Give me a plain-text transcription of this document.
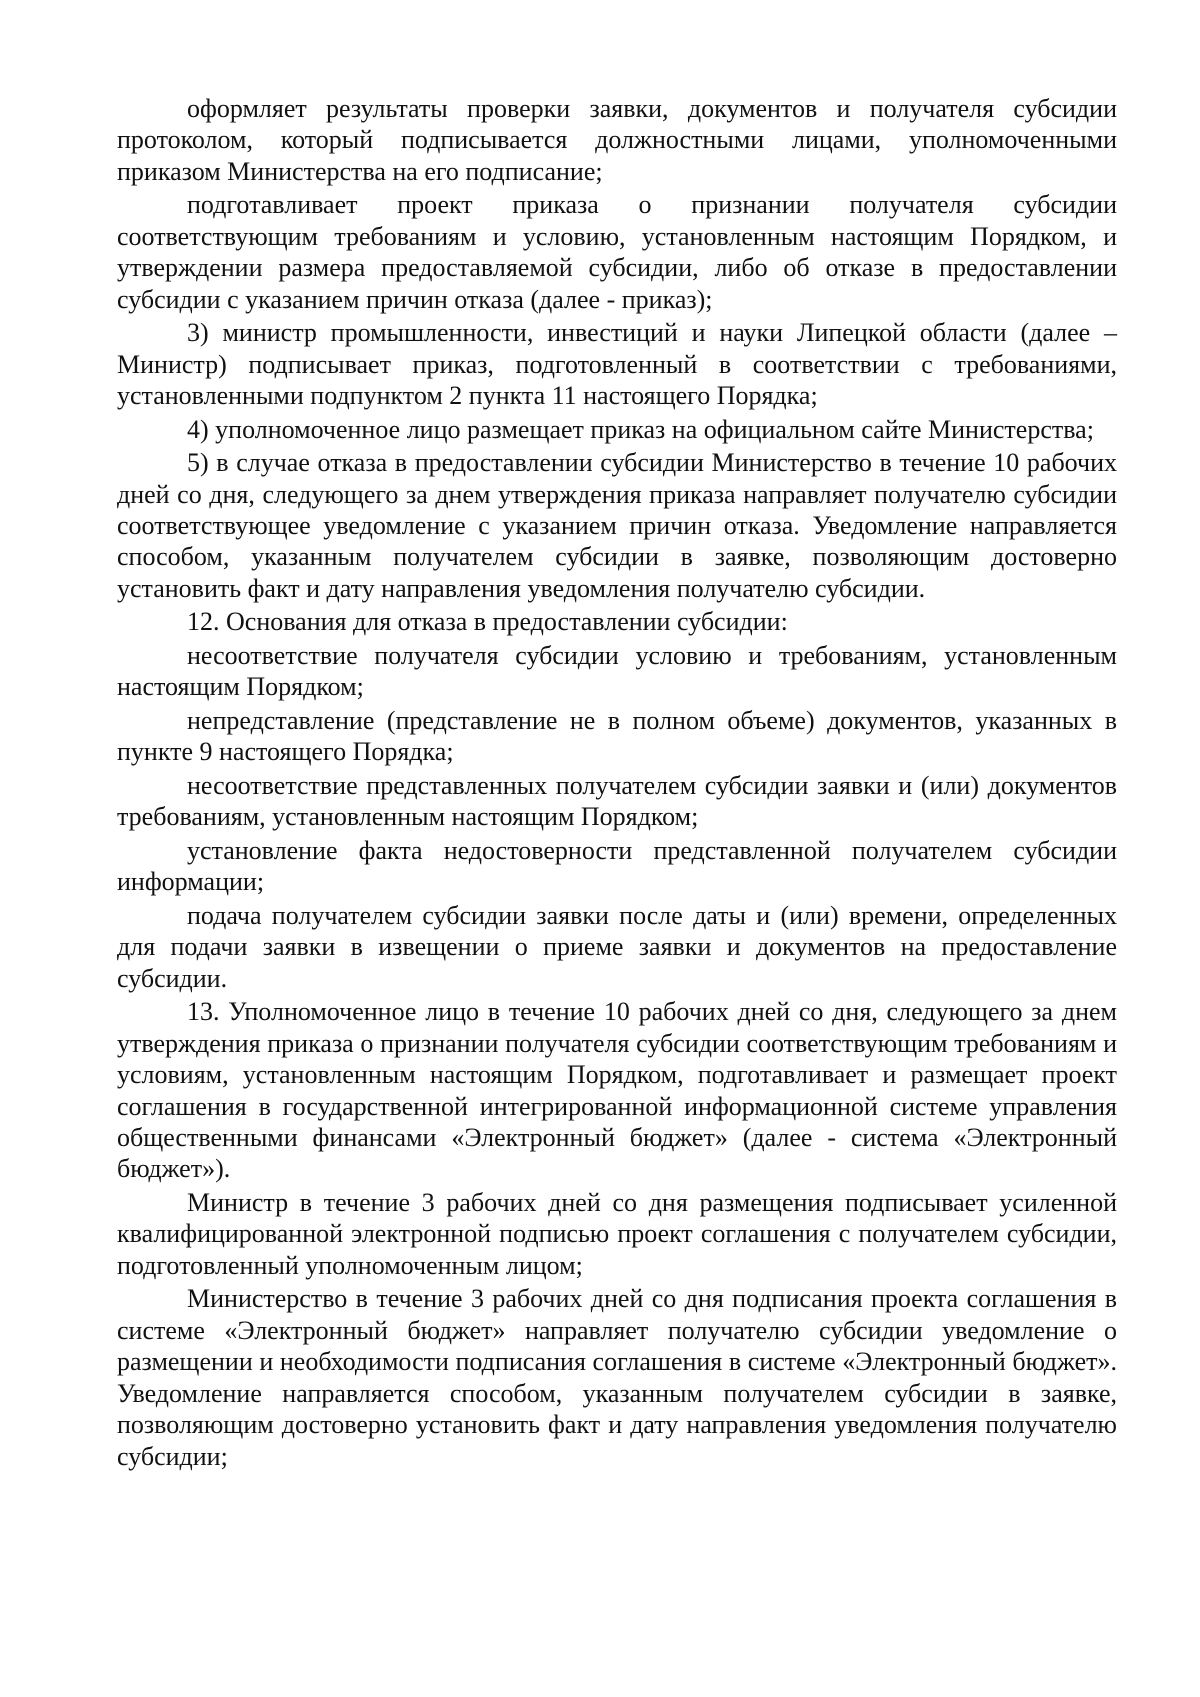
оформляет результаты проверки заявки, документов и получателя субсидии протоколом, который подписывается должностными лицами, уполномоченными приказом Министерства на его подписание;

подготавливает проект приказа о признании получателя субсидии соответствующим требованиям и условию, установленным настоящим Порядком, и утверждении размера предоставляемой субсидии, либо об отказе в предоставлении субсидии с указанием причин отказа (далее - приказ);

3) министр промышленности, инвестиций и науки Липецкой области (далее – Министр) подписывает приказ, подготовленный в соответствии с требованиями, установленными подпунктом 2 пункта 11 настоящего Порядка;

4) уполномоченное лицо размещает приказ на официальном сайте Министерства;

5) в случае отказа в предоставлении субсидии Министерство в течение 10 рабочих дней со дня, следующего за днем утверждения приказа направляет получателю субсидии соответствующее уведомление с указанием причин отказа. Уведомление направляется способом, указанным получателем субсидии в заявке, позволяющим достоверно установить факт и дату направления уведомления получателю субсидии.

12. Основания для отказа в предоставлении субсидии:

несоответствие получателя субсидии условию и требованиям, установленным настоящим Порядком;

непредставление (представление не в полном объеме) документов, указанных в пункте 9 настоящего Порядка;

несоответствие представленных получателем субсидии заявки и (или) документов требованиям, установленным настоящим Порядком;

установление факта недостоверности представленной получателем субсидии информации;

подача получателем субсидии заявки после даты и (или) времени, определенных для подачи заявки в извещении о приеме заявки и документов на предоставление субсидии.

13. Уполномоченное лицо в течение 10 рабочих дней со дня, следующего за днем утверждения приказа о признании получателя субсидии соответствующим требованиям и условиям, установленным настоящим Порядком, подготавливает и размещает проект соглашения в государственной интегрированной информационной системе управления общественными финансами «Электронный бюджет» (далее - система «Электронный бюджет»).

Министр в течение 3 рабочих дней со дня размещения подписывает усиленной квалифицированной электронной подписью проект соглашения с получателем субсидии, подготовленный уполномоченным лицом;

Министерство в течение 3 рабочих дней со дня подписания проекта соглашения в системе «Электронный бюджет» направляет получателю субсидии уведомление о размещении и необходимости подписания соглашения в системе «Электронный бюджет». Уведомление направляется способом, указанным получателем субсидии в заявке, позволяющим достоверно установить факт и дату направления уведомления получателю субсидии;
